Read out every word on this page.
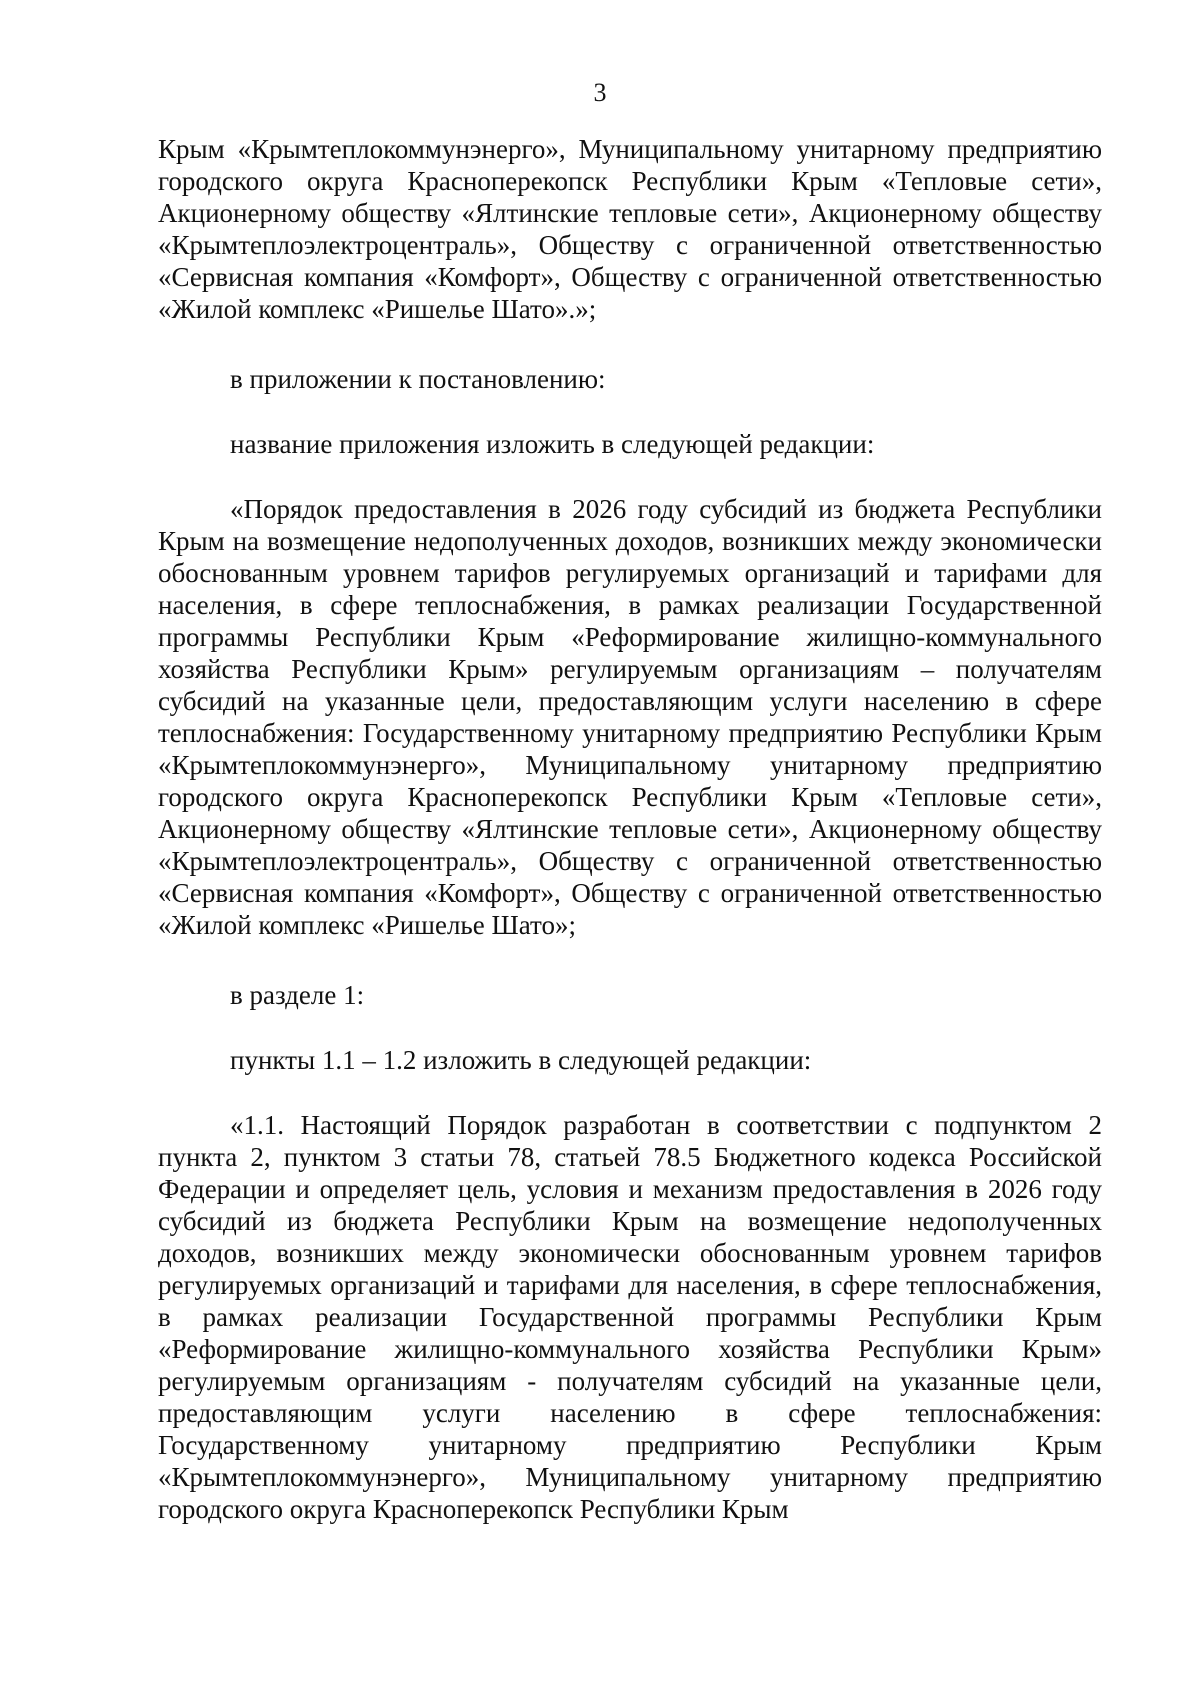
3

Крым «Крымтеплокоммунэнерго», Муниципальному унитарному предприятию городского округа Красноперекопск Республики Крым «Тепловые сети», Акционерному обществу «Ялтинские тепловые сети», Акционерному обществу «Крымтеплоэлектроцентраль», Обществу с ограниченной ответственностью «Сервисная компания «Комфорт», Обществу с ограниченной ответственностью «Жилой комплекс «Ришелье Шато».»;

в приложении к постановлению:

название приложения изложить в следующей редакции:

«Порядок предоставления в 2026 году субсидий из бюджета Республики Крым на возмещение недополученных доходов, возникших между экономически обоснованным уровнем тарифов регулируемых организаций и тарифами для населения, в сфере теплоснабжения, в рамках реализации Государственной программы Республики Крым «Реформирование жилищно-коммунального хозяйства Республики Крым» регулируемым организациям – получателям субсидий на указанные цели, предоставляющим услуги населению в сфере теплоснабжения: Государственному унитарному предприятию Республики Крым «Крымтеплокоммунэнерго», Муниципальному унитарному предприятию городского округа Красноперекопск Республики Крым «Тепловые сети», Акционерному обществу «Ялтинские тепловые сети», Акционерному обществу «Крымтеплоэлектроцентраль», Обществу с ограниченной ответственностью «Сервисная компания «Комфорт», Обществу с ограниченной ответственностью «Жилой комплекс «Ришелье Шато»;

в разделе 1:

пункты 1.1 – 1.2 изложить в следующей редакции:

«1.1. Настоящий Порядок разработан в соответствии с подпунктом 2 пункта 2, пунктом 3 статьи 78, статьей 78.5 Бюджетного кодекса Российской Федерации и определяет цель, условия и механизм предоставления в 2026 году субсидий из бюджета Республики Крым на возмещение недополученных доходов, возникших между экономически обоснованным уровнем тарифов регулируемых организаций и тарифами для населения, в сфере теплоснабжения, в рамках реализации Государственной программы Республики Крым «Реформирование жилищно-коммунального хозяйства Республики Крым» регулируемым организациям - получателям субсидий на указанные цели, предоставляющим услуги населению в сфере теплоснабжения: Государственному унитарному предприятию Республики Крым «Крымтеплокоммунэнерго», Муниципальному унитарному предприятию городского округа Красноперекопск Республики Крым
